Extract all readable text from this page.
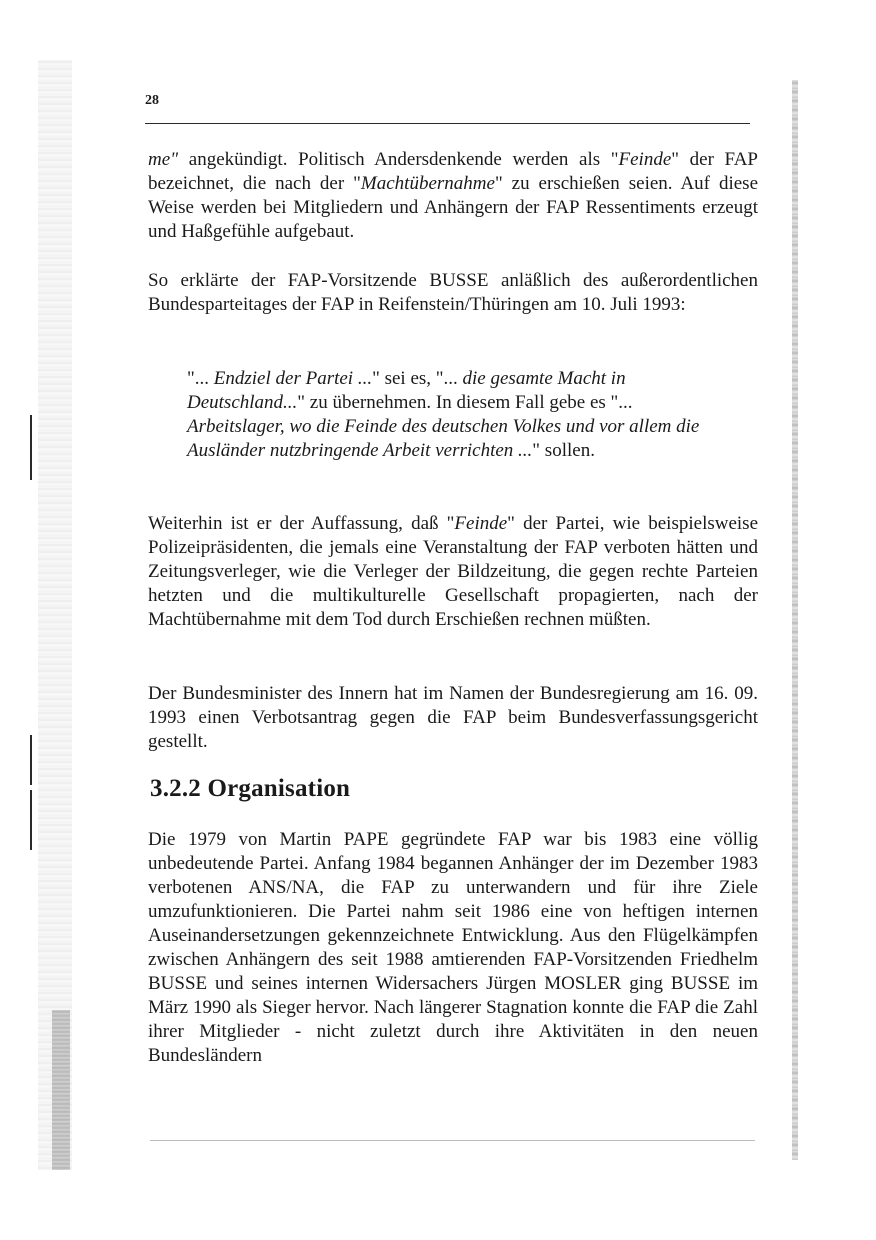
28
me" angekündigt. Politisch Andersdenkende werden als "Feinde" der FAP bezeichnet, die nach der "Machtübernahme" zu erschießen seien. Auf diese Weise werden bei Mitgliedern und Anhängern der FAP Ressentiments erzeugt und Haßgefühle aufgebaut.
So erklärte der FAP-Vorsitzende BUSSE anläßlich des außerordentlichen Bundesparteitages der FAP in Reifenstein/Thüringen am 10. Juli 1993:
"... Endziel der Partei ..." sei es, "... die gesamte Macht in Deutschland..." zu übernehmen. In diesem Fall gebe es "... Arbeitslager, wo die Feinde des deutschen Volkes und vor allem die Ausländer nutzbringende Arbeit verrichten ..." sollen.
Weiterhin ist er der Auffassung, daß "Feinde" der Partei, wie beispielsweise Polizeipräsidenten, die jemals eine Veranstaltung der FAP verboten hätten und Zeitungsverleger, wie die Verleger der Bildzeitung, die gegen rechte Parteien hetzten und die multikulturelle Gesellschaft propagierten, nach der Machtübernahme mit dem Tod durch Erschießen rechnen müßten.
Der Bundesminister des Innern hat im Namen der Bundesregierung am 16. 09. 1993 einen Verbotsantrag gegen die FAP beim Bundesverfassungsgericht gestellt.
3.2.2 Organisation
Die 1979 von Martin PAPE gegründete FAP war bis 1983 eine völlig unbedeutende Partei. Anfang 1984 begannen Anhänger der im Dezember 1983 verbotenen ANS/NA, die FAP zu unterwandern und für ihre Ziele umzufunktionieren. Die Partei nahm seit 1986 eine von heftigen internen Auseinandersetzungen gekennzeichnete Entwicklung. Aus den Flügelkämpfen zwischen Anhängern des seit 1988 amtierenden FAP-Vorsitzenden Friedhelm BUSSE und seines internen Widersachers Jürgen MOSLER ging BUSSE im März 1990 als Sieger hervor. Nach längerer Stagnation konnte die FAP die Zahl ihrer Mitglieder - nicht zuletzt durch ihre Aktivitäten in den neuen Bundesländern
